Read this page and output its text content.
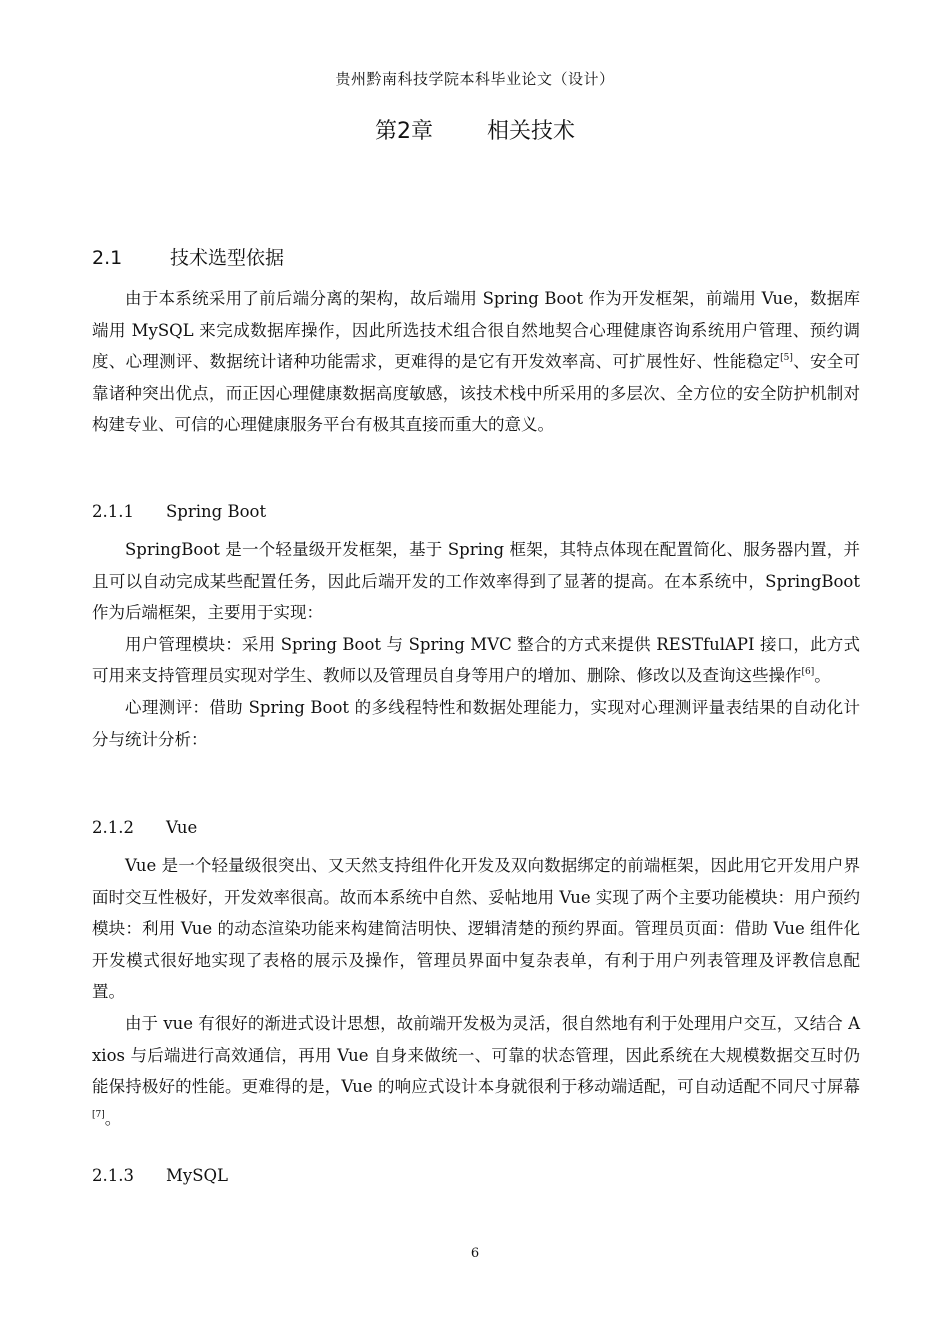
贵州黔南科技学院本科毕业论文（设计）
第2章 相关技术
2.1	技术选型依据

由于本系统采用了前后端分离的架构，故后端用 Spring Boot 作为开发框架，前端用 Vue，数据库端用 MySQL 来完成数据库操作，因此所选技术组合很自然地契合心理健康咨询系统用户管理、预约调度、心理测评、数据统计诸种功能需求，更难得的是它有开发效率高、可扩展性好、性能稳定[5]、安全可靠诸种突出优点，而正因心理健康数据高度敏感，该技术栈中所采用的多层次、全方位的安全防护机制对构建专业、可信的心理健康服务平台有极其直接而重大的意义。

2.1.1 Spring Boot

SpringBoot 是一个轻量级开发框架，基于 Spring 框架，其特点体现在配置简化、服务器内置，并且可以自动完成某些配置任务，因此后端开发的工作效率得到了显著的提高。在本系统中，SpringBoot 作为后端框架，主要用于实现：

用户管理模块：采用 Spring Boot 与 Spring MVC 整合的方式来提供 RESTfulAPI 接口，此方式可用来支持管理员实现对学生、教师以及管理员自身等用户的增加、删除、修改以及查询这些操作[6]。

心理测评：借助 Spring Boot 的多线程特性和数据处理能力，实现对心理测评量表结果的自动化计分与统计分析：

2.1.2 Vue

Vue 是一个轻量级很突出、又天然支持组件化开发及双向数据绑定的前端框架，因此用它开发用户界面时交互性极好，开发效率很高。故而本系统中自然、妥帖地用 Vue 实现了两个主要功能模块：用户预约模块：利用 Vue 的动态渲染功能来构建简洁明快、逻辑清楚的预约界面。管理员页面：借助 Vue 组件化开发模式很好地实现了表格的展示及操作，管理员界面中复杂表单，有利于用户列表管理及评教信息配置。

由于 vue 有很好的渐进式设计思想，故前端开发极为灵活，很自然地有利于处理用户交互，又结合 Axios 与后端进行高效通信，再用 Vue 自身来做统一、可靠的状态管理，因此系统在大规模数据交互时仍能保持极好的性能。更难得的是，Vue 的响应式设计本身就很利于移动端适配，可自动适配不同尺寸屏幕[7]。

2.1.3 MySQL
6
